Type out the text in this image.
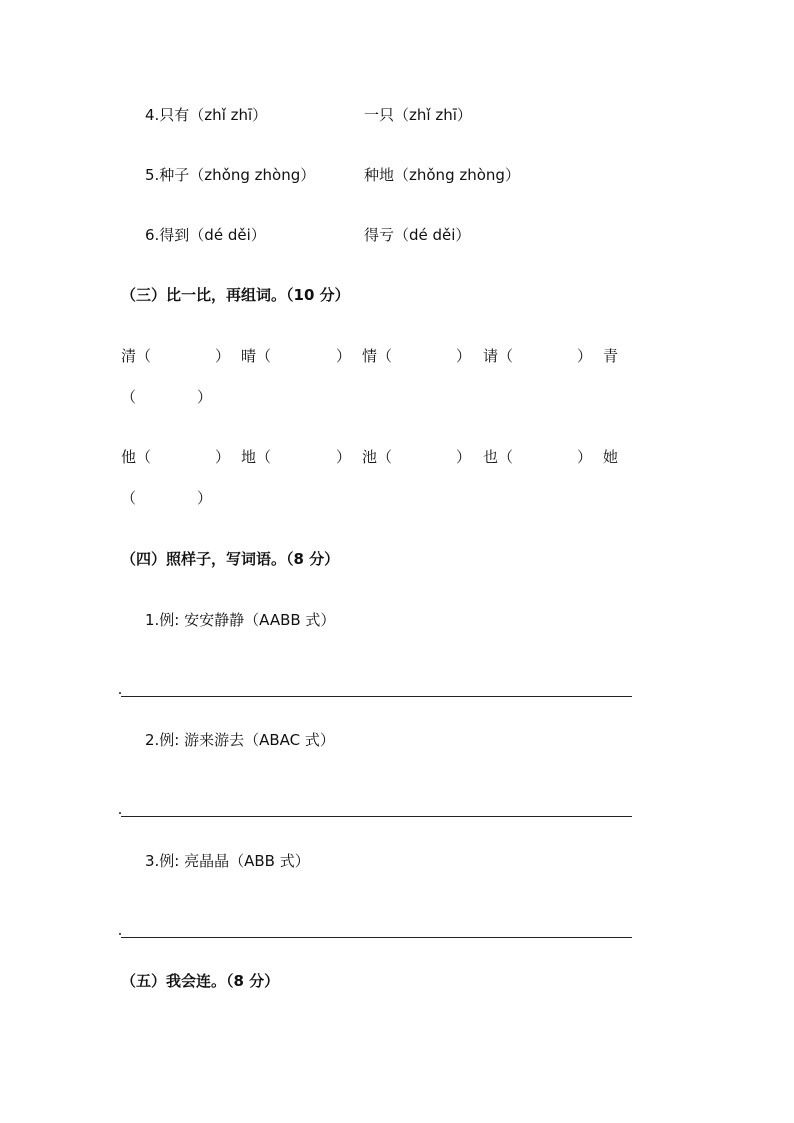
4.只有（zhǐ zhī）	一只（zhǐ zhī）
5.种子（zhǒng zhòng）	种地（zhǒng zhòng）
6.得到（dé děi）	得亏（dé děi）
（三）比一比，再组词。（10 分）
清（	） 晴（	） 情（	） 请（	） 青
（	）
他（	） 地（	） 池（	） 也（	） 她
（	）
（四）照样子，写词语。（8 分）
1.例: 安安静静（AABB 式）
2.例: 游来游去（ABAC 式）
3.例: 亮晶晶（ABB 式）
（五）我会连。（8 分）
